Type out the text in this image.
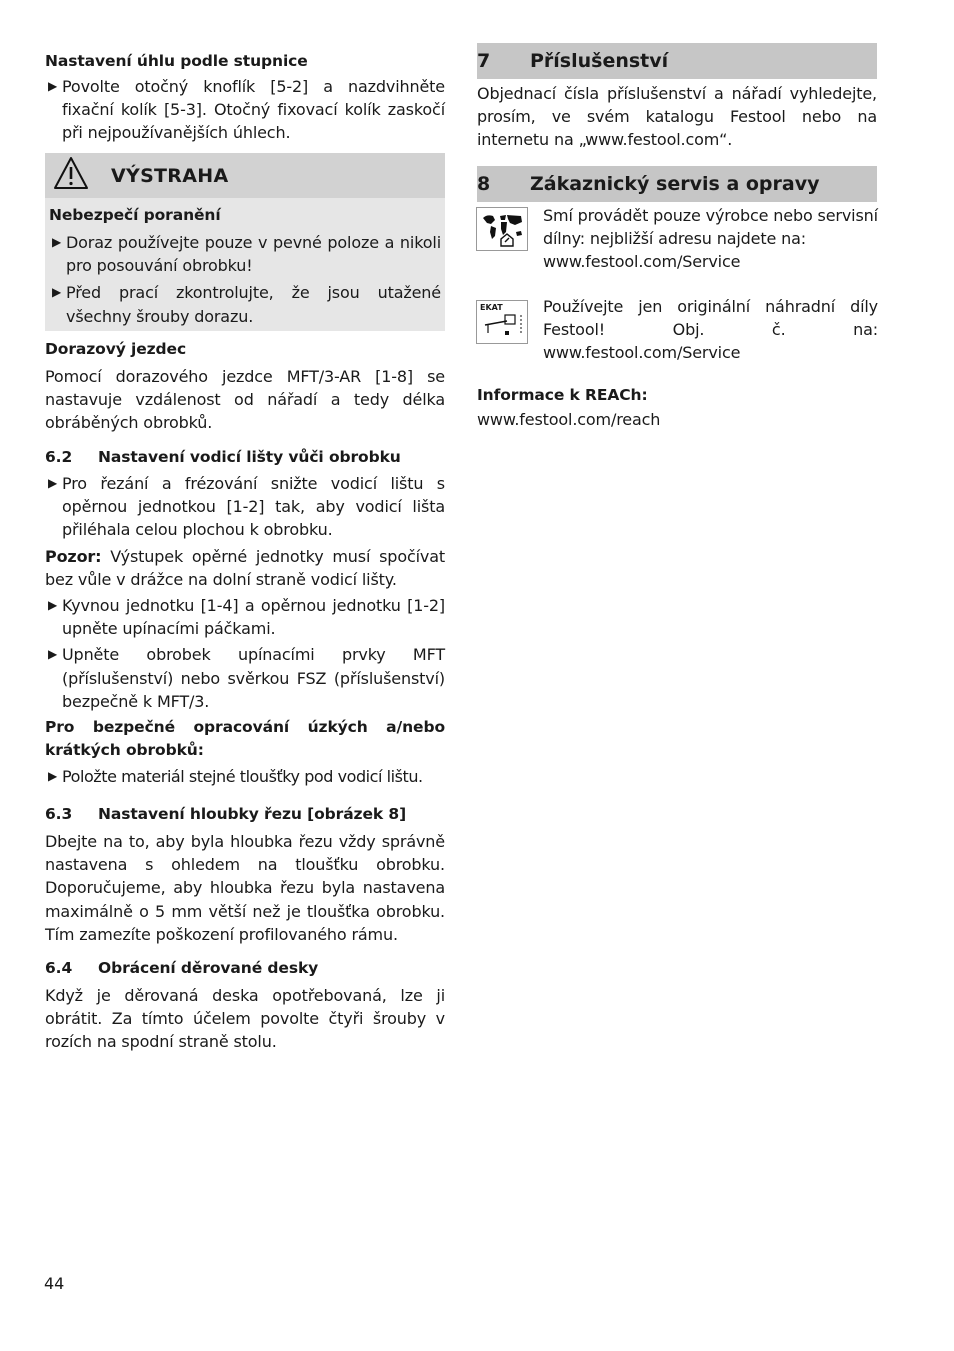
Nastavení úhlu podle stupnice

▶ Povolte otočný knoflík [5-2] a nazdvihněte fixační kolík [5-3]. Otočný fixovací kolík zaskočí při nejpoužívanějších úhlech.
VÝSTRAHA

Nebezpečí poranění

▶ Doraz používejte pouze v pevné poloze a nikoli pro posouvání obrobku!
▶ Před prací zkontrolujte, že jsou utažené všechny šrouby dorazu.

Dorazový jezdec

Pomocí dorazového jezdce MFT/3-AR [1-8] se nastavuje vzdálenost od nářadí a tedy délka obráběných obrobků.

6.2 Nastavení vodicí lišty vůči obrobku

▶ Pro řezání a frézování snižte vodicí lištu s opěrnou jednotkou [1-2] tak, aby vodicí lišta přiléhala celou plochou k obrobku.

Pozor: Výstupek opěrné jednotky musí spočívat bez vůle v drážce na dolní straně vodicí lišty.

▶ Kyvnou jednotku [1-4] a opěrnou jednotku [1-2] upněte upínacími páčkami.
▶ Upněte obrobek upínacími prvky MFT (příslušenství) nebo svěrkou FSZ (příslušenství) bezpečně k MFT/3.

Pro bezpečné opracování úzkých a/nebo krátkých obrobků:

▶ Položte materiál stejné tloušťky pod vodicí lištu.

6.3 Nastavení hloubky řezu [obrázek 8]

Dbejte na to, aby byla hloubka řezu vždy správně nastavena s ohledem na tloušťku obrobku. Doporučujeme, aby hloubka řezu byla nastavena maximálně o 5 mm větší než je tloušťka obrobku. Tím zamezíte poškození profilovaného rámu.

6.4 Obrácení děrované desky

Když je děrovaná deska opotřebovaná, lze ji obrátit. Za tímto účelem povolte čtyři šrouby v rozích na spodní straně stolu.

44
7 Příslušenství

Objednací čísla příslušenství a nářadí vyhledejte, prosím, ve svém katalogu Festool nebo na internetu na „www.festool.com“.

8 Zákaznický servis a opravy

Smí provádět pouze výrobce nebo servisní dílny: nejbližší adresu najdete na: www.festool.com/Service

EKAT	Používejte jen originální náhradní díly Festool! Obj. č. na: www.festool.com/Service

Informace k REACh:

www.festool.com/reach
